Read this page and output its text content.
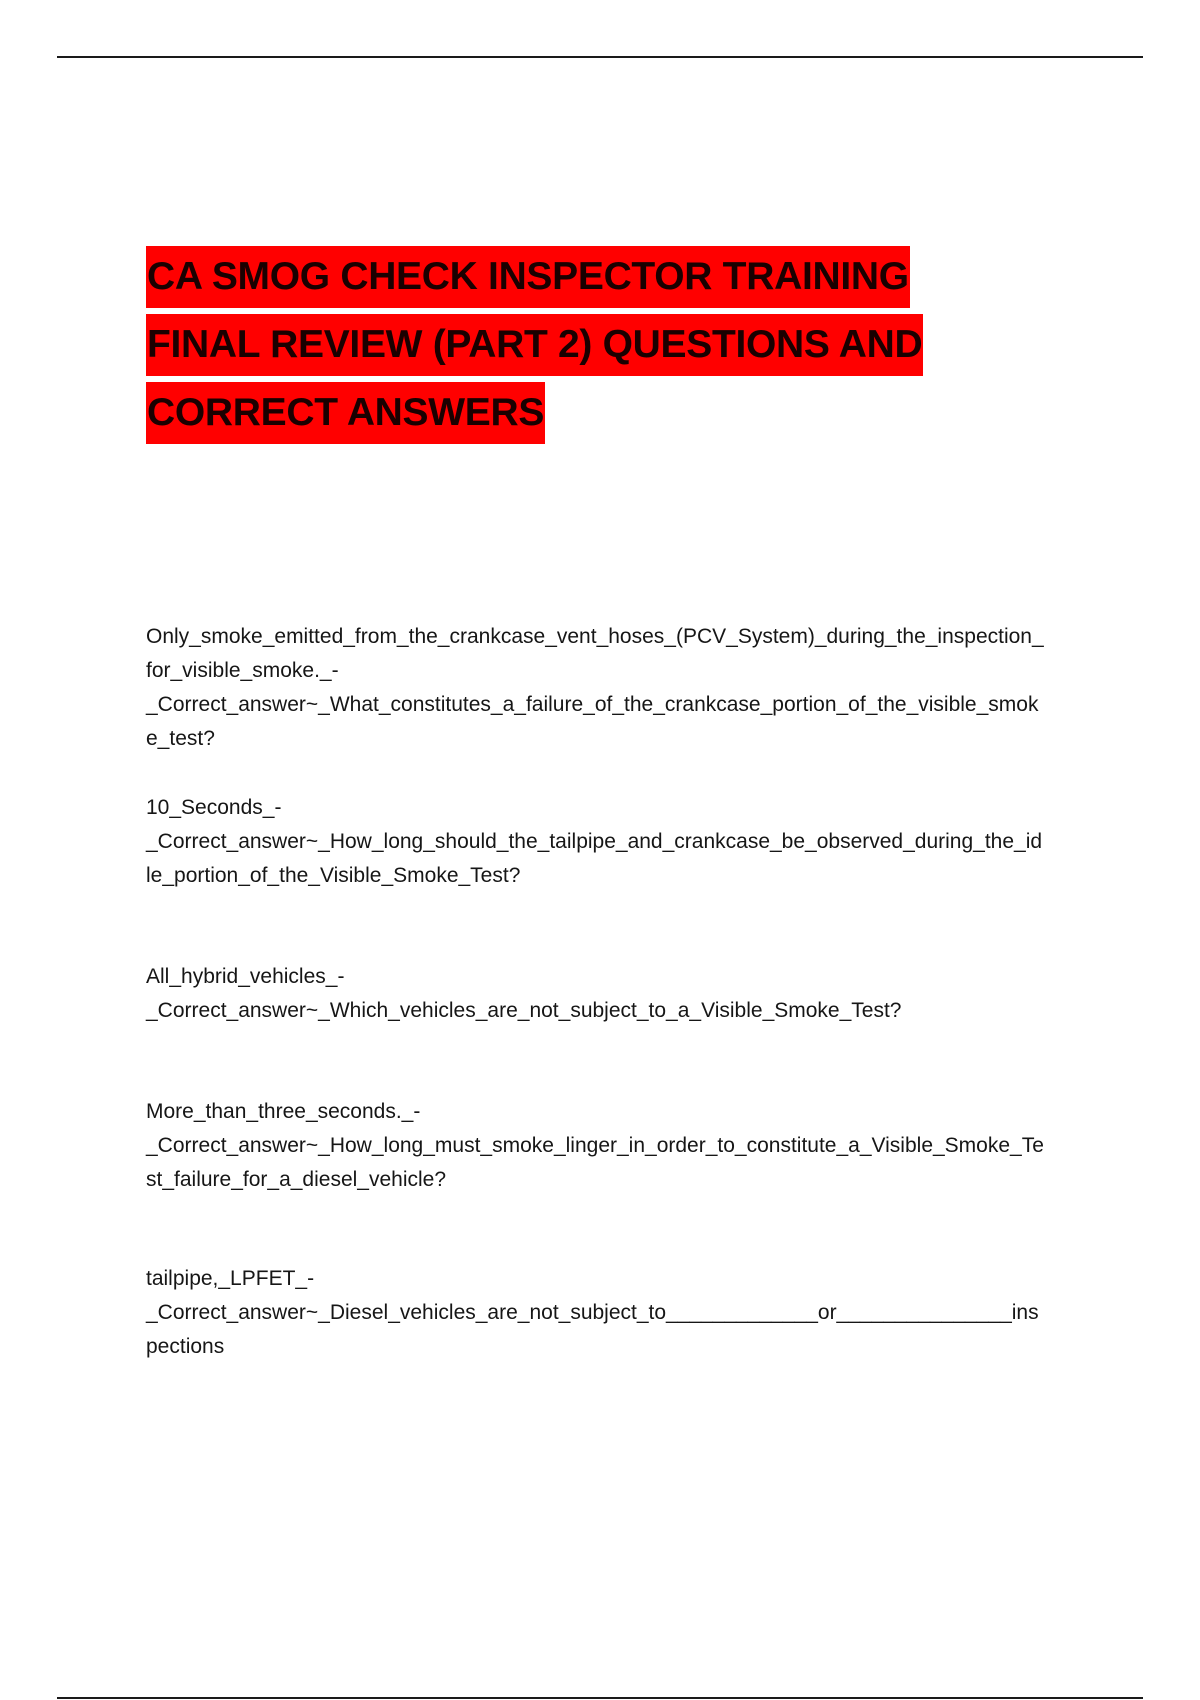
CA SMOG CHECK INSPECTOR TRAINING
FINAL REVIEW (PART 2) QUESTIONS AND
CORRECT ANSWERS
Only_smoke_emitted_from_the_crankcase_vent_hoses_(PCV_System)_during_the_inspection_for_visible_smoke._-
_Correct_answer~_What_constitutes_a_failure_of_the_crankcase_portion_of_the_visible_smoke_test?
10_Seconds_-
_Correct_answer~_How_long_should_the_tailpipe_and_crankcase_be_observed_during_the_idle_portion_of_the_Visible_Smoke_Test?
All_hybrid_vehicles_-
_Correct_answer~_Which_vehicles_are_not_subject_to_a_Visible_Smoke_Test?
More_than_three_seconds._-
_Correct_answer~_How_long_must_smoke_linger_in_order_to_constitute_a_Visible_Smoke_Test_failure_for_a_diesel_vehicle?
tailpipe,_LPFET_-
_Correct_answer~_Diesel_vehicles_are_not_subject_to_____________or_______________inspections
